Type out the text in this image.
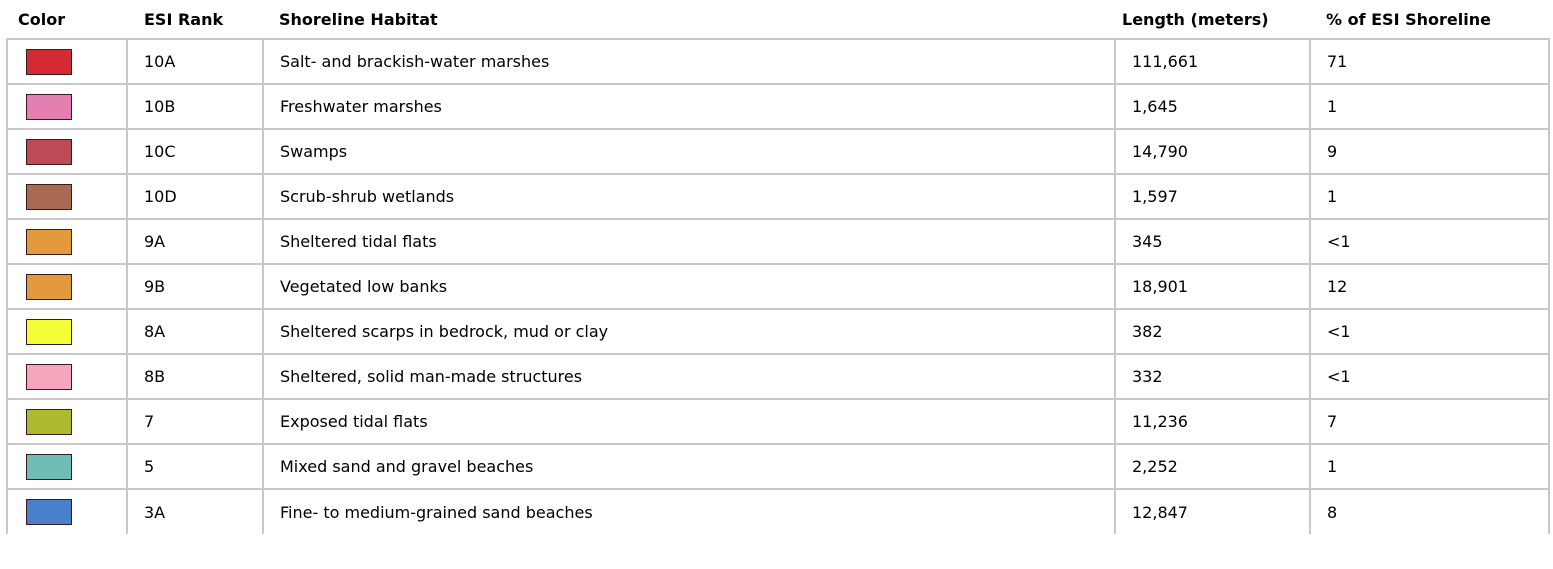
Color	ESI Rank	Shoreline Habitat	Length (meters)	% of ESI Shoreline

	10A	Salt- and brackish-water marshes	111,661	71

	10B	Freshwater marshes	1,645	1

	10C	Swamps	14,790	9

	10D	Scrub-shrub wetlands	1,597	1

	9A	Sheltered tidal flats	345	<1

	9B	Vegetated low banks	18,901	12

	8A	Sheltered scarps in bedrock, mud or clay	382	<1

	8B	Sheltered, solid man-made structures	332	<1

	7	Exposed tidal flats	11,236	7

	5	Mixed sand and gravel beaches	2,252	1

	3A	Fine- to medium-grained sand beaches	12,847	8
